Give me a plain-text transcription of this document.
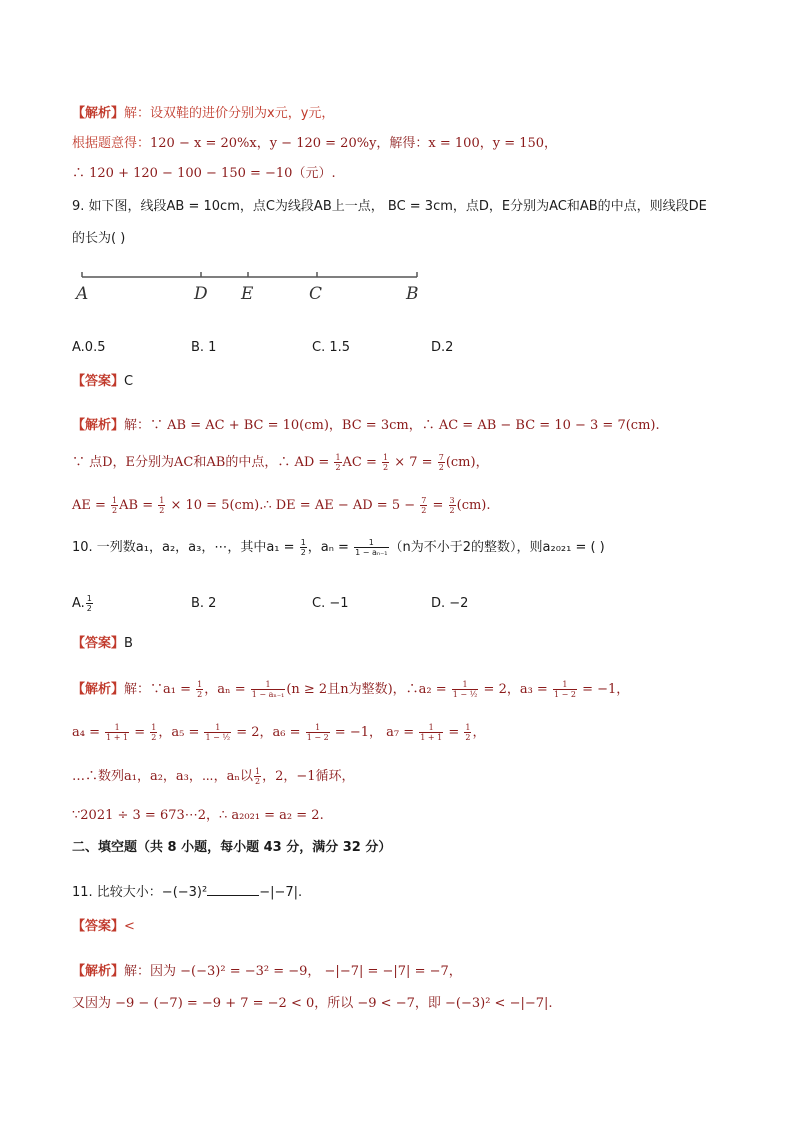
【解析】解：设双鞋的进价分别为x元，y元，
根据题意得：120 − x = 20%x，y − 120 = 20%y，解得：x = 100，y = 150，
∴ 120 + 120 − 100 − 150 = −10（元）.
9. 如下图，线段AB = 10cm，点C为线段AB上一点， BC = 3cm，点D，E分别为AC和AB的中点，则线段DE
的长为( )
A	D E	C	B
A.0.5	B. 1	C. 1.5	D.2
【答案】C
【解析】解：∵ AB = AC + BC = 10(cm)，BC = 3cm，∴ AC = AB − BC = 10 − 3 = 7(cm).
∵ 点D，E分别为AC和AB的中点，∴ AD = $\frac{1}{2}$ AC = $\frac{1}{2} \times 7 = \frac{7}{2} (cm)$，
AE = $\frac{1}{2}$ AB = $\frac{1}{2} \times 10$ = 5(cm).∴ DE = AE − AD = $5 - \frac{7}{2} = \frac{3}{2} (cm)$.
10. 一列数a₁，a₂，a₃，⋯，其中$a_1 = \frac{1}{2}$ ，$a_n = \frac{1}{\text{1 − aₙ₋₁}} (n$为不小于2的整数），则a₂₀₂₁ = ( )
A. $\frac{1}{2}$	B. 2	C. −1	D. −2
【答案】B
【解析】解：∵a₁ = $\frac{1}{2}$ ，$a_n = \frac{1}{\text{1 − aₙ₋₁}} (n \ge 2$且n为整数)，∴a₂ = $\frac{1}{\text{1 − ½}} = 2$，$a_3 = \frac{1}{1 - 2} = -1$，
$a_4 = \frac{1}{1 + 1} = \frac{1}{2}$ ，$a_5 = \frac{1}{\text{1 − ½}} = 2$，$a_6 = \frac{1}{1 - 2} = -1$， $a_7 = \frac{1}{1 + 1} = \frac{1}{2}$ ，
…∴数列a₁，a₂，a₃，⋯，aₙ以 $\frac{1}{2}$ ，2，−1循环，
∵2021 ÷ 3 = 673⋯2，∴ a₂₀₂₁ = a₂ = 2.
二、填空题（共 8 小题，每小题 43 分，满分 32 分）
11. 比较大小：−(−3)²	−|−7|.
【答案】<
【解析】解：因为 −(−3)² = −3² = −9， −|−7| = −|7| = −7，
又因为 −9 − (−7) = −9 + 7 = −2 < 0，所以 −9 < −7，即 −(−3)² < −|−7|.
